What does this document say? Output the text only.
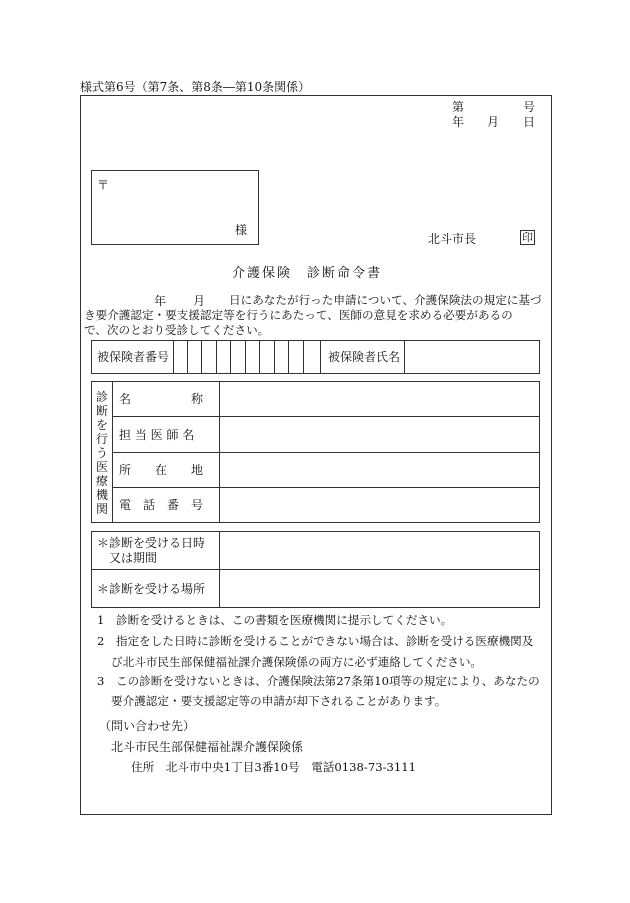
様式第6号（第7条、第8条―第10条関係）
第	号
年 月 日
〒
様
北斗市長	印
介護保険　診断命令書
年 月 日にあなたが行った申請について、介護保険法の規定に基づ
き要介護認定・要支援認定等を行うにあたって、医師の意見を求める必要があるの
で、次のとおり受診してください。
被保険者番号	被保険者氏名
診
断
を
行
う
医
療
機
関
名　　　　　称
担 当 医 師 名
所　　在　　地
電　話　番　号
＊診断を受ける日時
又は期間
＊診断を受ける場所
1　診断を受けるときは、この書類を医療機関に提示してください。
2　指定をした日時に診断を受けることができない場合は、診断を受ける医療機関及
び北斗市民生部保健福祉課介護保険係の両方に必ず連絡してください。
3　この診断を受けないときは、介護保険法第27条第10項等の規定により、あなたの
要介護認定・要支援認定等の申請が却下されることがあります。
（問い合わせ先）
北斗市民生部保健福祉課介護保険係
住所　北斗市中央1丁目3番10号　電話0138-73-3111
